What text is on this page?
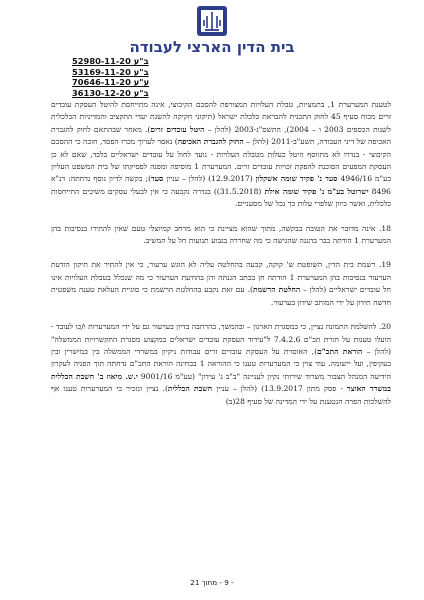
בית הדין הארצי לעבודה
ב"ע 52980-11-20
ב"ע 53169-11-20
ע"ע 70646-11-20
ב"ע 36130-12-20

לטענת המערערת 1, בתמציות, טבלת העלויות המצורפת להסכם הקיבוצי, אינה מתייחסת להיטל העסקת עובדים זרים מכוח סעיף 45 לחוק התכנית להבראת כלכלת ישראל (תיקוני חקיקה להשגת יעדי התקציב והמדיניות הכלכלית לשנות הכספים 2003 ו – 2004), התשס"ג-2003 (להלן – היטל עובדים זרים). מאחר שבהתאם לחוק להגברת האכיפה של דיני העבודה, תשע"ב-2011 (להלן – החוק להגברת האכיפה) נאסר לערוך מכרז הפסד, חובה כי ההסכם הקיבוצי - בנדרו לא מתווסף היטל כעלות מטבלת העלויות - נועד לחול על עובדים ישראליים בלבד, שאם לא כן העסקת המפעים הסוכנת להפקת זכויות עובדים זרים. המערערת 1 מוסיפה ומפנה לפסיקתו של בית המשפט העליון בע"מ 4946/16 סעד נ' פקיד שומה אשקלון (12.9.2017) (להלן – עניין סעד); בקשה לדיון נוסף נדחתה: דנ"א 8496 ישרוטל בע"מ נ' פקיד שומה אילת (31.5.2018)) בגדרה נקבעה כי אין לבעלי עסקים משיכים התייחסות כלכלית, ואשר כיוון שלפרי עלות כך נכל של מסעניים.

18. אינה מדובר את הטובה בבקשה, מתוך שהוא מציינת כי הוא מרחב קמיוצלי טעם שאין להתירו בנסיבות בהן המערערת 1 הודתה כבר בהנגה שהגישה כי מה שחררה בגבוע תנועות חל על המשיב.

19. רשמת בית הדין, השופטת ש' קוקה, קבעה בהחלטה עליה לא הוגש ערעור, כי אין להתיר את תיקון הודעת הערעור בנסיבות בהן המערערת 1 הודתה חן בכתב הגנתה והן בהודעת הערעור כי מה שנכלל בטבלת העלויות אינו חל עובדים ישראליים (להלן – החלטת הרשמת). עם זאת נקבע בהחלטת הרשמת כי סוגיית העלאת טענה משפטית חדשה תידון על ידי המותב שידון בערעור.

20. להשלמת התמונה נציין, כי במסגרת הארגון – ובהמשך, בהרחבה בדיון בערעור גם על ידי המערערות ו/כו לעובד - הועלו טענות על תורת תכ"ם 7.4.2.6 ל"עידוד העסקת עובדים ישראלים במקצוע מסגרת התקשרויות הממשלה" (להלן – הוראת התכ"ם), האוסרת על העסקת עובדים זרים עבודות ניקיון במשרדי הממשלה בין במישרין ובין בעקיפין, ועל יישומה. עוד צוין כי המערערות טענו כי ההוראה 1 בבחינה הוראת התכ"ם נדחתה תוך הפניה לעקרון הידיעה המנהל הצבור משרוד שירותי נקיון לעניינה "ב"ב נ' עידון" (עע"מ 9001/16 י.ש. מיאוז ב' חשבת הכללית במשרד האוצר - פסק מתון 13.9.2017) (להלן – עניין חשבת הכללית). נציין ונזכיר כי המערערות טענו אף להשלכות הפרה הנטענת על ידי המדינה של סעיף 28(ב)

- 9 - מתוך 21
